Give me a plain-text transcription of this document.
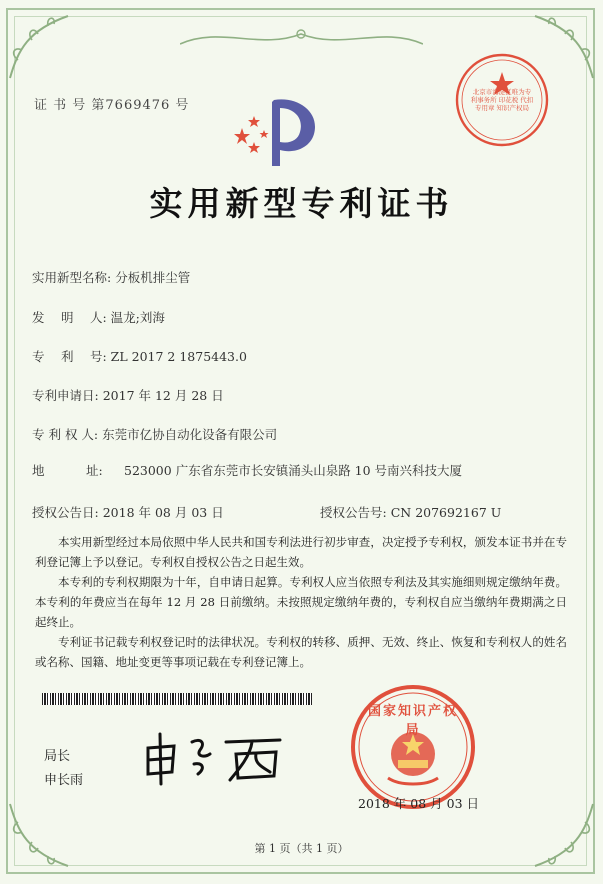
证 书 号 第7669476 号
北京市海淀区唯为专利事务所 印花税 代扣专用章 知识产权局
实用新型专利证书
实用新型名称: 分板机排尘管
发　 明　 人: 温龙;刘海
专　 利　 号: ZL 2017 2 1875443.0
专利申请日: 2017 年 12 月 28 日
专 利 权 人: 东莞市亿协自动化设备有限公司
地　　　 址: 523000 广东省东莞市长安镇涌头山泉路 10 号南兴科技大厦
授权公告日: 2018 年 08 月 03 日	授权公告号: CN 207692167 U
本实用新型经过本局依照中华人民共和国专利法进行初步审查，决定授予专利权，颁发本证书并在专利登记簿上予以登记。专利权自授权公告之日起生效。
本专利的专利权期限为十年，自申请日起算。专利权人应当依照专利法及其实施细则规定缴纳年费。本专利的年费应当在每年 12 月 28 日前缴纳。未按照规定缴纳年费的，专利权自应当缴纳年费期满之日起终止。
专利证书记载专利权登记时的法律状况。专利权的转移、质押、无效、终止、恢复和专利权人的姓名或名称、国籍、地址变更等事项记载在专利登记簿上。
局长
申长雨
国家知识产权局
2018 年 08 月 03 日
第 1 页（共 1 页）
